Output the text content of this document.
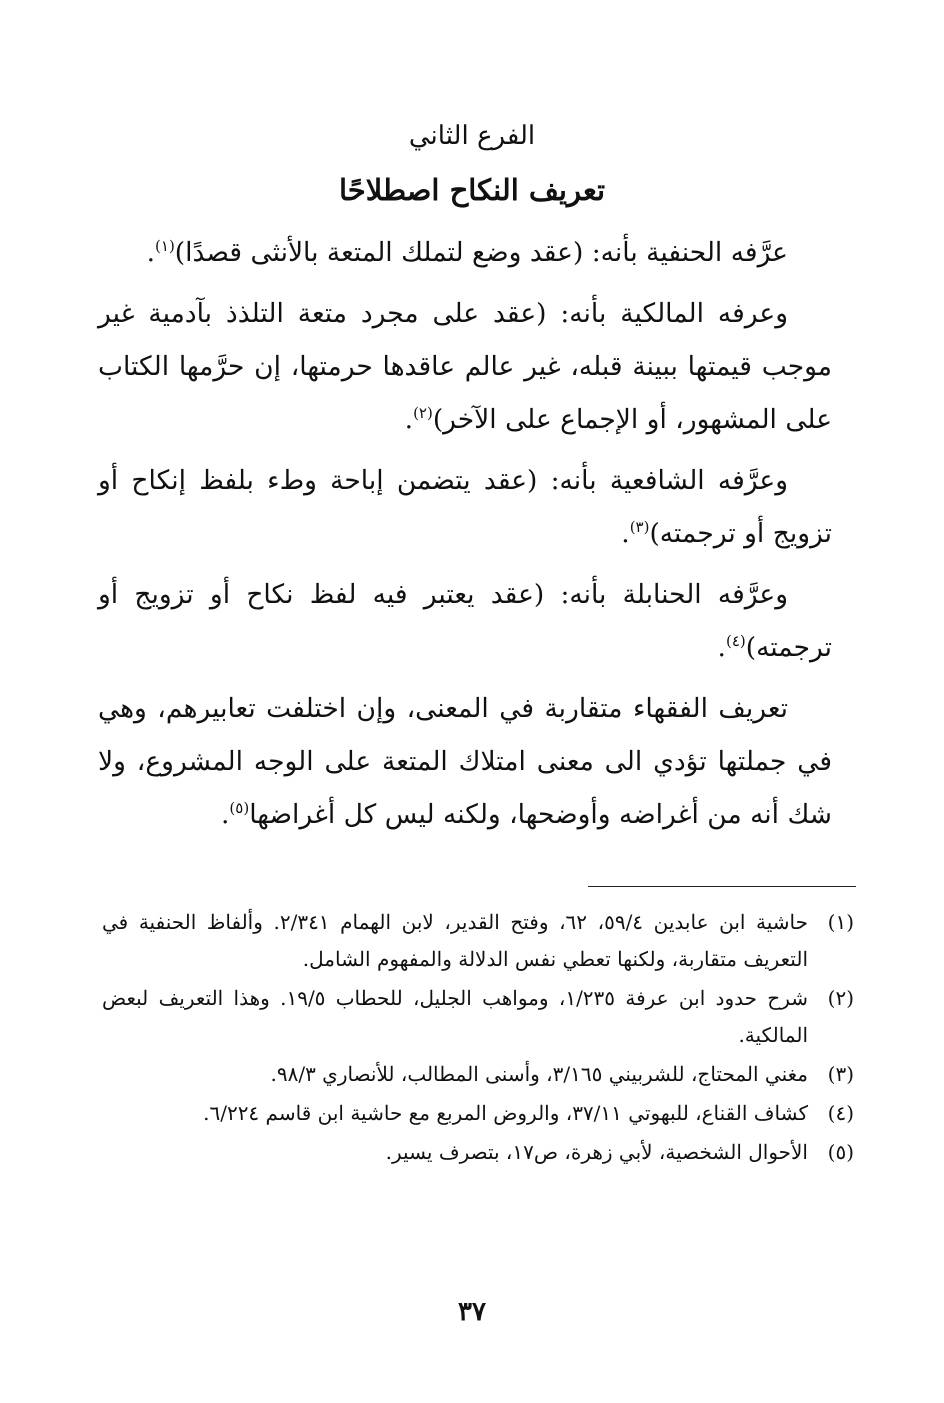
الفرع الثاني
تعريف النكاح اصطلاحًا

عرَّفه الحنفية بأنه: (عقد وضع لتملك المتعة بالأنثى قصدًا)$^{(١)}$.

وعرفه المالكية بأنه: (عقد على مجرد متعة التلذذ بآدمية غير موجب قيمتها ببينة قبله، غير عالم عاقدها حرمتها، إن حرَّمها الكتاب على المشهور، أو الإجماع على الآخر)$^{(٢)}$.

وعرَّفه الشافعية بأنه: (عقد يتضمن إباحة وطء بلفظ إنكاح أو تزويج أو ترجمته)$^{(٣)}$.

وعرَّفه الحنابلة بأنه: (عقد يعتبر فيه لفظ نكاح أو تزويج أو ترجمته)$^{(٤)}$.

تعريف الفقهاء متقاربة في المعنى، وإن اختلفت تعابيرهم، وهي في جملتها تؤدي الى معنى امتلاك المتعة على الوجه المشروع، ولا شك أنه من أغراضه وأوضحها، ولكنه ليس كل أغراضها$^{(٥)}$.

(١)
حاشية ابن عابدين ٥٩/٤، ٦٢، وفتح القدير، لابن الهمام ٢/٣٤١. وألفاظ الحنفية في التعريف متقاربة، ولكنها تعطي نفس الدلالة والمفهوم الشامل.
(٢)
شرح حدود ابن عرفة ١/٢٣٥، ومواهب الجليل، للحطاب ١٩/٥. وهذا التعريف لبعض المالكية.
(٣)
مغني المحتاج، للشربيني ٣/١٦٥، وأسنى المطالب، للأنصاري ٩٨/٣.
(٤)
كشاف القناع، للبهوتي ٣٧/١١، والروض المربع مع حاشية ابن قاسم ٦/٢٢٤.
(٥)
الأحوال الشخصية، لأبي زهرة، ص١٧، بتصرف يسير.
٣٧
